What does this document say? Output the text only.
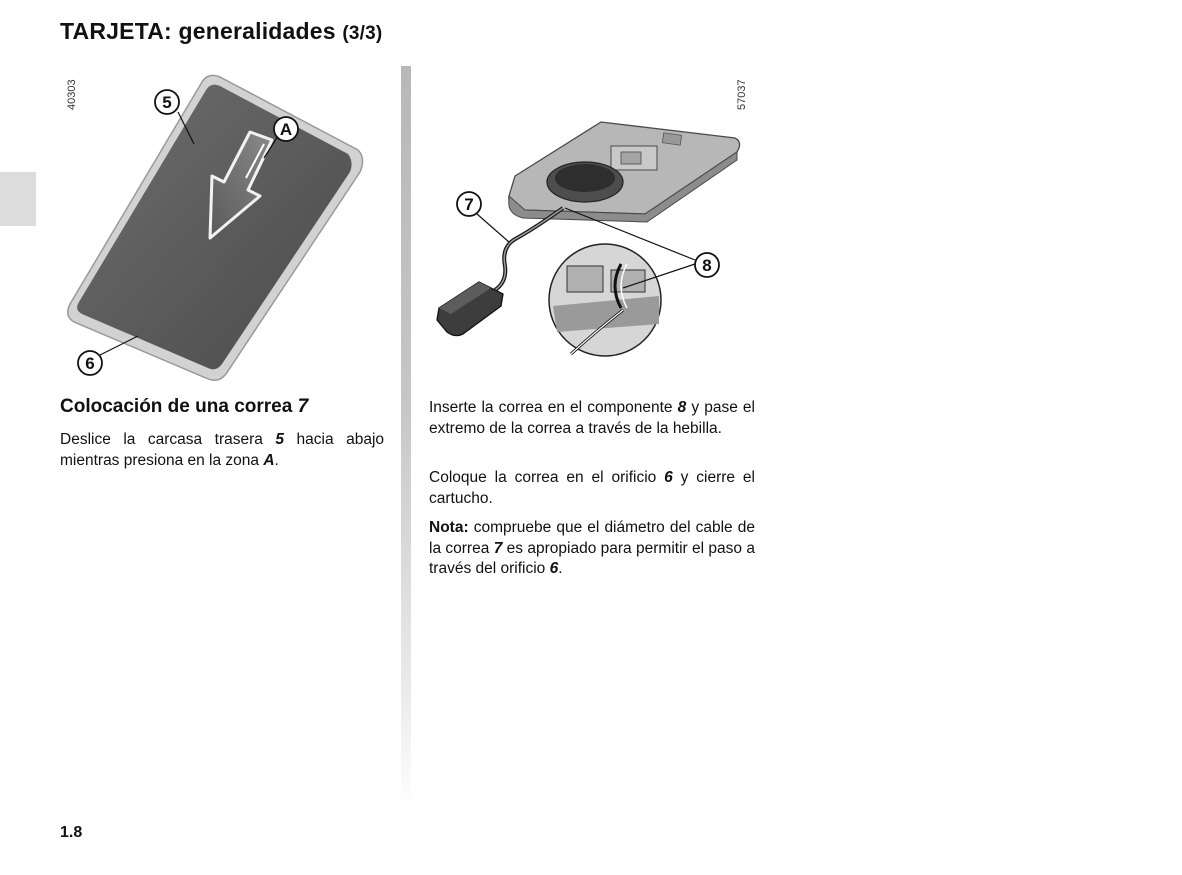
TARJETA: generalidades (3/3)
40303	57037
5
A
6
7
8
Colocación de una correa 7

Deslice la carcasa trasera 5 hacia abajo mientras presiona en la zona A.

Inserte la correa en el componente 8 y pase el extremo de la correa a través de la hebilla.

Coloque la correa en el orificio 6 y cierre el cartucho.

Nota: compruebe que el diámetro del cable de la correa 7 es apropiado para permitir el paso a través del orificio 6.

1.8
